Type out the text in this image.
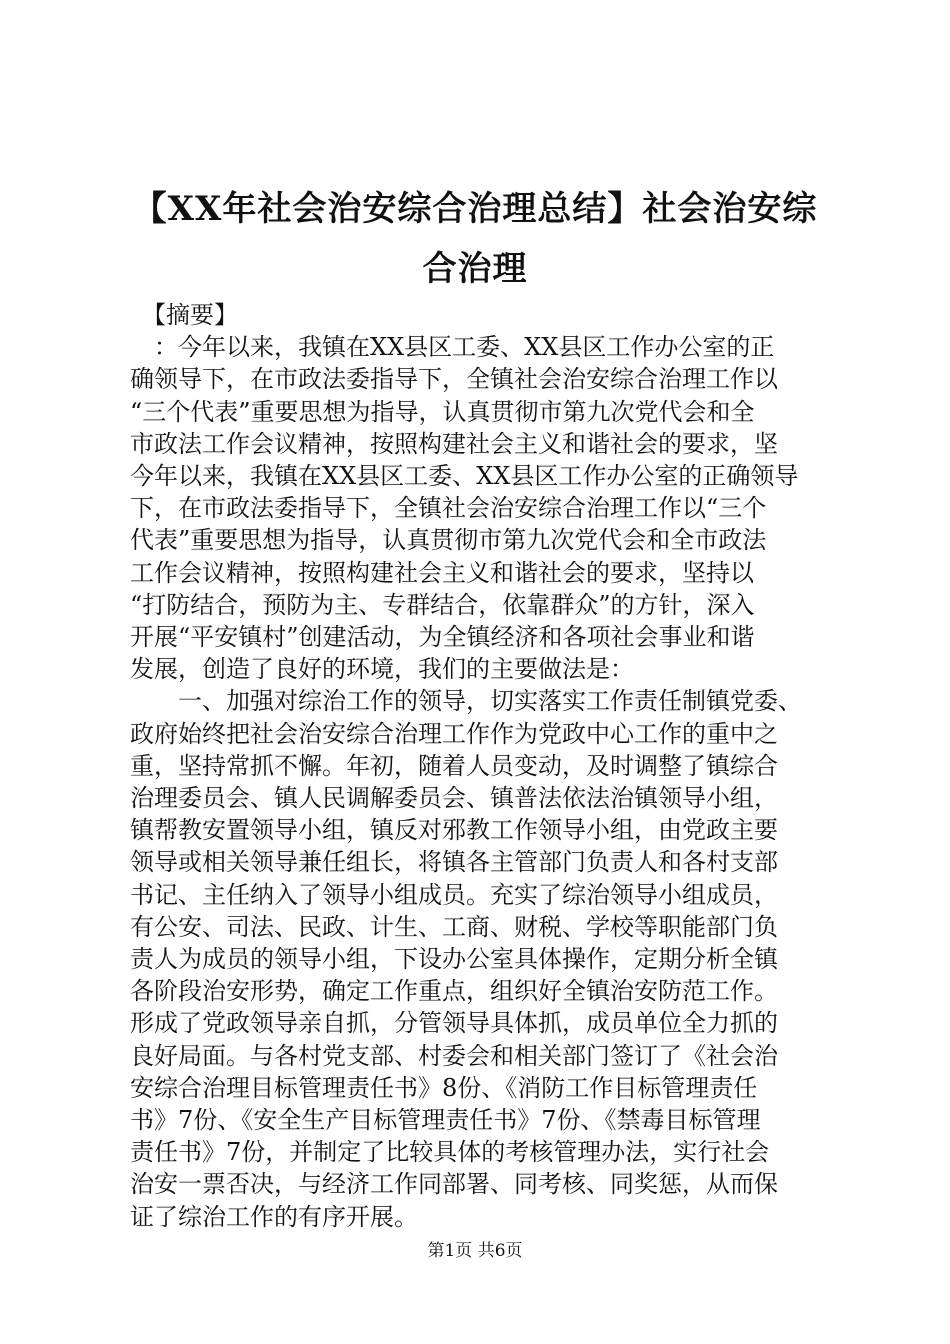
【XX年社会治安综合治理总结】社会治安综
合治理
　【摘要】
　：今年以来，我镇在XX县区工委、XX县区工作办公室的正
确领导下，在市政法委指导下，全镇社会治安综合治理工作以
“三个代表”重要思想为指导，认真贯彻市第九次党代会和全
市政法工作会议精神，按照构建社会主义和谐社会的要求，坚
今年以来，我镇在XX县区工委、XX县区工作办公室的正确领导
下，在市政法委指导下，全镇社会治安综合治理工作以“三个
代表”重要思想为指导，认真贯彻市第九次党代会和全市政法
工作会议精神，按照构建社会主义和谐社会的要求，坚持以
“打防结合，预防为主、专群结合，依靠群众”的方针，深入
开展“平安镇村”创建活动，为全镇经济和各项社会事业和谐
发展，创造了良好的环境，我们的主要做法是：
　　一、加强对综治工作的领导，切实落实工作责任制镇党委、
政府始终把社会治安综合治理工作作为党政中心工作的重中之
重，坚持常抓不懈。年初，随着人员变动，及时调整了镇综合
治理委员会、镇人民调解委员会、镇普法依法治镇领导小组，
镇帮教安置领导小组，镇反对邪教工作领导小组，由党政主要
领导或相关领导兼任组长，将镇各主管部门负责人和各村支部
书记、主任纳入了领导小组成员。充实了综治领导小组成员，
有公安、司法、民政、计生、工商、财税、学校等职能部门负
责人为成员的领导小组，下设办公室具体操作，定期分析全镇
各阶段治安形势，确定工作重点，组织好全镇治安防范工作。
形成了党政领导亲自抓，分管领导具体抓，成员单位全力抓的
良好局面。与各村党支部、村委会和相关部门签订了《社会治
安综合治理目标管理责任书》8份、《消防工作目标管理责任
书》7份、《安全生产目标管理责任书》7份、《禁毒目标管理
责任书》7份，并制定了比较具体的考核管理办法，实行社会
治安一票否决，与经济工作同部署、同考核、同奖惩，从而保
证了综治工作的有序开展。
第1页 共6页
